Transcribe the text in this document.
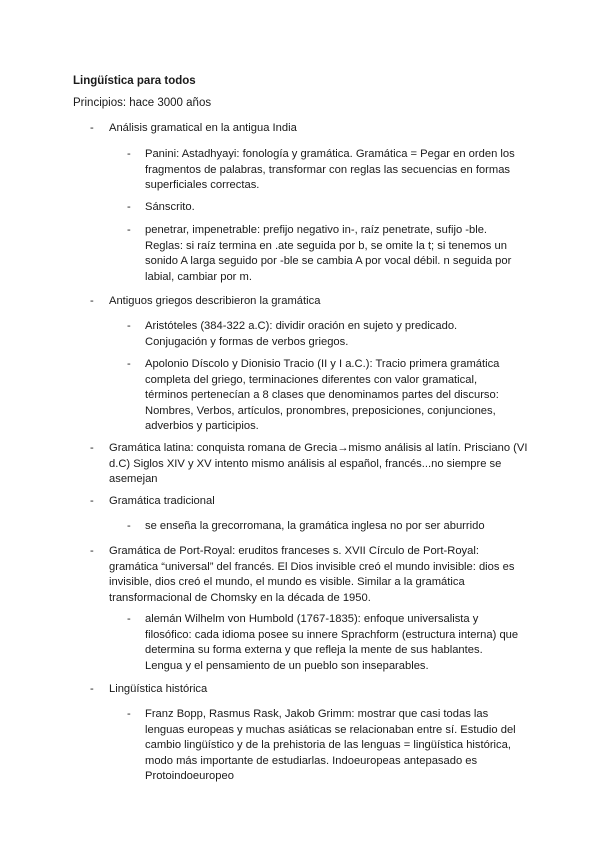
Lingüística para todos
Principios: hace 3000 años
- Análisis gramatical en la antigua India
- Panini: Astadhyayi: fonología y gramática. Gramática = Pegar en orden los fragmentos de palabras, transformar con reglas las secuencias en formas superficiales correctas.
- Sánscrito.
- penetrar, impenetrable: prefijo negativo in-, raíz penetrate, sufijo -ble. Reglas: si raíz termina en .ate seguida por b, se omite la t; si tenemos un sonido A larga seguido por -ble se cambia A por vocal débil. n seguida por labial, cambiar por m.
- Antiguos griegos describieron la gramática
- Aristóteles (384-322 a.C): dividir oración en sujeto y predicado. Conjugación y formas de verbos griegos.
- Apolonio Díscolo y Dionisio Tracio (II y I a.C.): Tracio primera gramática completa del griego, terminaciones diferentes con valor gramatical, términos pertenecían a 8 clases que denominamos partes del discurso: Nombres, Verbos, artículos, pronombres, preposiciones, conjunciones, adverbios y participios.
- Gramática latina: conquista romana de Grecia→mismo análisis al latín. Prisciano (VI d.C) Siglos XIV y XV intento mismo análisis al español, francés...no siempre se asemejan
- Gramática tradicional
- se enseña la grecorromana, la gramática inglesa no por ser aburrido
- Gramática de Port-Royal: eruditos franceses s. XVII Círculo de Port-Royal: gramática “universal” del francés. El Dios invisible creó el mundo invisible: dios es invisible, dios creó el mundo, el mundo es visible. Similar a la gramática transformacional de Chomsky en la década de 1950.
- alemán Wilhelm von Humbold (1767-1835): enfoque universalista y filosófico: cada idioma posee su innere Sprachform (estructura interna) que determina su forma externa y que refleja la mente de sus hablantes. Lengua y el pensamiento de un pueblo son inseparables.
- Lingüística histórica
- Franz Bopp, Rasmus Rask, Jakob Grimm: mostrar que casi todas las lenguas europeas y muchas asiáticas se relacionaban entre sí. Estudio del cambio lingüístico y de la prehistoria de las lenguas = lingüística histórica, modo más importante de estudiarlas. Indoeuropeas antepasado es Protoindoeuropeo
